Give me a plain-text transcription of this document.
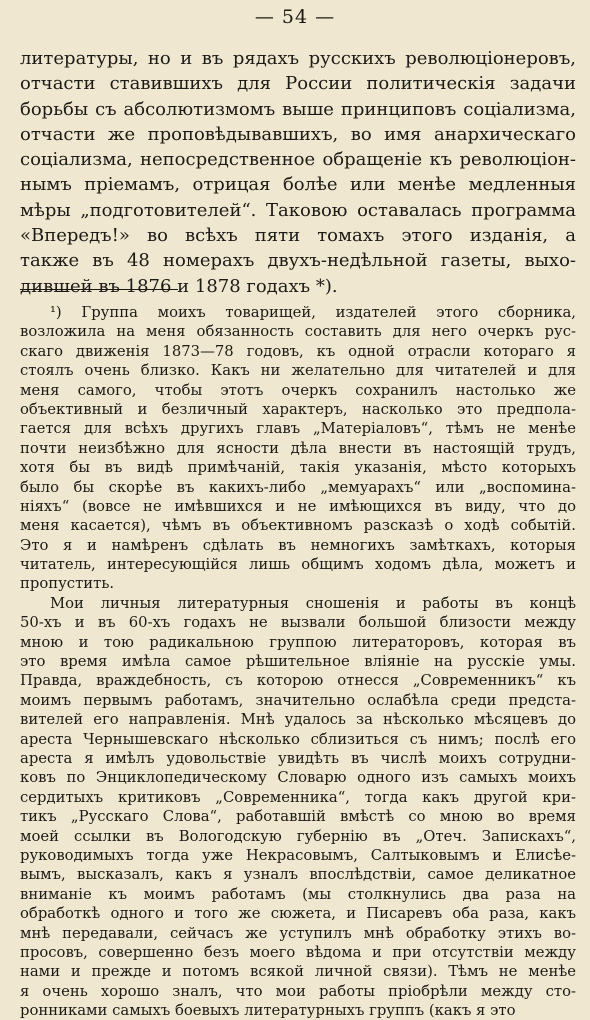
— 54 —
литературы, но и въ рядахъ русскихъ революціонеровъ,
отчасти ставившихъ для России политическія задачи
борьбы съ абсолютизмомъ выше принциповъ соціализма,
отчасти же проповѣдывавшихъ, во имя анархическаго
соціализма, непосредственное обращеніе къ революціон-
нымъ пріемамъ, отрицая болѣе или менѣе медленныя
мѣры „подготовителей“. Таковою оставалась программа
«Впередъ!» во всѣхъ пяти томахъ этого изданія, а
также въ 48 номерахъ двухъ-недѣльной газеты, выхо-
дившей въ 1876 и 1878 годахъ *).
¹) Группа моихъ товарищей, издателей этого сборника,
возложила на меня обязанность составить для него очеркъ рус-
скаго движенія 1873—78 годовъ, къ одной отрасли котораго я
стоялъ очень близко. Какъ ни желательно для читателей и для
меня самого, чтобы этотъ очеркъ сохранилъ настолько же
объективный и безличный характеръ, насколько это предпола-
гается для всѣхъ другихъ главъ „Матеріаловъ“, тѣмъ не менѣе
почти неизбѣжно для ясности дѣла внести въ настоящій трудъ,
хотя бы въ видѣ примѣчаній, такія указанія, мѣсто которыхъ
было бы скорѣе въ какихъ-либо „мемуарахъ“ или „воспомина-
ніяхъ“ (вовсе не имѣвшихся и не имѣющихся въ виду, что до
меня касается), чѣмъ въ объективномъ разсказѣ о ходѣ событій.
Это я и намѣренъ сдѣлать въ немногихъ замѣткахъ, которыя
читатель, интересующійся лишь общимъ ходомъ дѣла, можетъ и
пропустить.
Мои личныя литературныя сношенія и работы въ концѣ
50-хъ и въ 60-хъ годахъ не вызвали большой близости между
мною и тою радикальною группою литераторовъ, которая въ
это время имѣла самое рѣшительное вліяніе на русскіе умы.
Правда, враждебность, съ которою отнесся „Современникъ“ къ
моимъ первымъ работамъ, значительно ослабѣла среди предста-
вителей его направленія. Мнѣ удалось за нѣсколько мѣсяцевъ до
ареста Чернышевскаго нѣсколько сблизиться съ нимъ; послѣ его
ареста я имѣлъ удовольствіе увидѣть въ числѣ моихъ сотрудни-
ковъ по Энциклопедическому Словарю одного изъ самыхъ моихъ
сердитыхъ критиковъ „Современника“, тогда какъ другой кри-
тикъ „Русскаго Слова“, работавшій вмѣстѣ со мною во время
моей ссылки въ Вологодскую губернію въ „Отеч. Запискахъ“,
руководимыхъ тогда уже Некрасовымъ, Салтыковымъ и Елисѣе-
вымъ, высказалъ, какъ я узналъ впослѣдствіи, самое деликатное
вниманіе къ моимъ работамъ (мы столкнулись два раза на
обработкѣ одного и того же сюжета, и Писаревъ оба раза, какъ
мнѣ передавали, сейчасъ же уступилъ мнѣ обработку этихъ во-
просовъ, совершенно безъ моего вѣдома и при отсутствіи между
нами и прежде и потомъ всякой личной связи). Тѣмъ не менѣе
я очень хорошо зналъ, что мои работы пріобрѣли между сто-
ронниками самыхъ боевыхъ литературныхъ группъ (какъ я это
